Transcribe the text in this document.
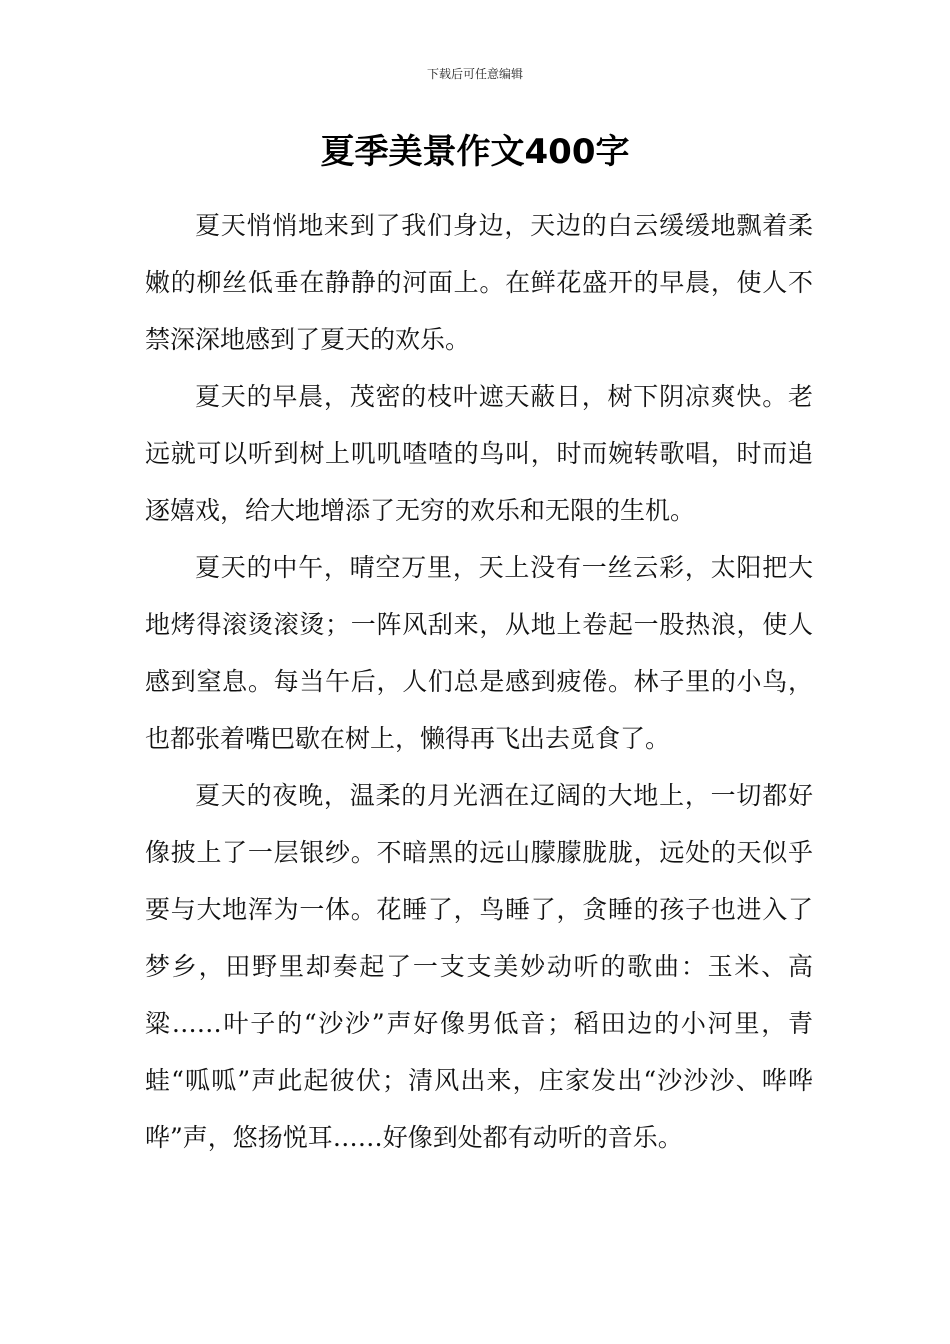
下载后可任意编辑
夏季美景作文400字

夏天悄悄地来到了我们身边，天边的白云缓缓地飘着柔嫩的柳丝低垂在静静的河面上。在鲜花盛开的早晨，使人不禁深深地感到了夏天的欢乐。

夏天的早晨，茂密的枝叶遮天蔽日，树下阴凉爽快。老远就可以听到树上叽叽喳喳的鸟叫，时而婉转歌唱，时而追逐嬉戏，给大地增添了无穷的欢乐和无限的生机。

夏天的中午，晴空万里，天上没有一丝云彩，太阳把大地烤得滚烫滚烫；一阵风刮来，从地上卷起一股热浪，使人感到窒息。每当午后，人们总是感到疲倦。林子里的小鸟，也都张着嘴巴歇在树上，懒得再飞出去觅食了。

夏天的夜晚，温柔的月光洒在辽阔的大地上，一切都好像披上了一层银纱。不暗黑的远山朦朦胧胧，远处的天似乎要与大地浑为一体。花睡了，鸟睡了，贪睡的孩子也进入了梦乡，田野里却奏起了一支支美妙动听的歌曲：玉米、高粱……叶子的“沙沙”声好像男低音；稻田边的小河里，青蛙“呱呱”声此起彼伏；清风出来，庄家发出“沙沙沙、哗哗哗”声，悠扬悦耳……好像到处都有动听的音乐。
